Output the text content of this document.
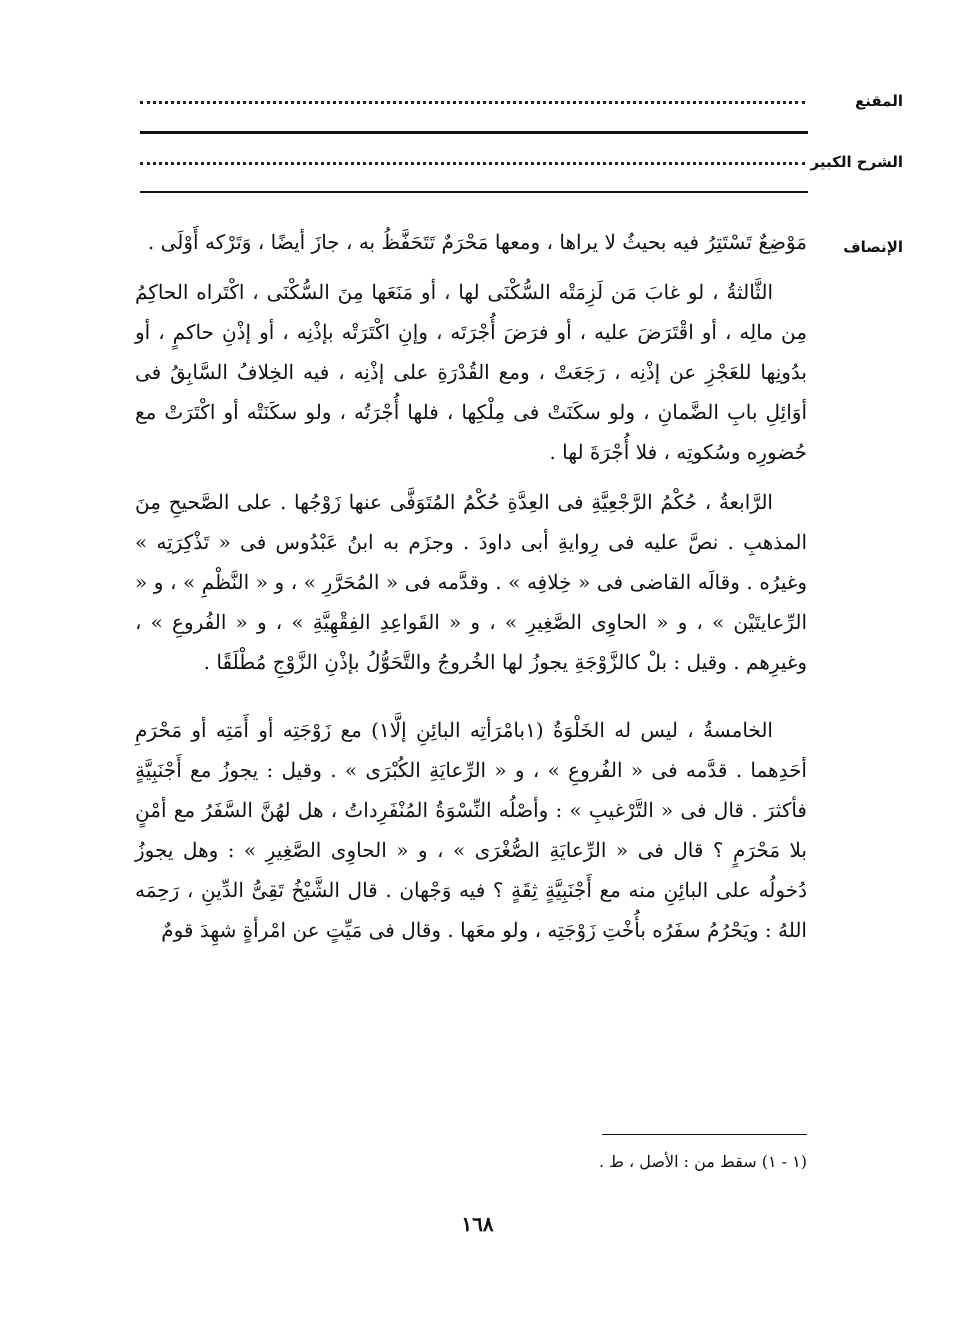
المقنع
الشرح الكبير
الإنصاف

مَوْضِعٌ تَسْتَتِرُ فيه بحيثُ لا يراها ، ومعها مَحْرَمٌ تَتَحَفَّظُ به ، جازَ أيضًا ، وَتَرْكه أَوْلَى .

الثَّالثةُ ، لو غابَ مَن لَزِمَتْه السُّكْنَى لها ، أو مَنَعَها مِنَ السُّكْنَى ، اكْتَراه الحاكِمُ مِن مالِه ، أو اقْتَرَضَ عليه ، أو فرَضَ أُجْرَتَه ، وإنِ اكْتَرَتْه بإذْنِه ، أو إذْنِ حاكمٍ ، أو بدُونِها للعَجْزِ عن إذْنِه ، رَجَعَتْ ، ومع القُدْرَةِ على إذْنِه ، فيه الخِلافُ السَّابِقُ فى أوَائِلِ بابِ الضَّمانِ ، ولو سكَنَتْ فى مِلْكِها ، فلها أُجْرَتُه ، ولو سكَنَتْه أو اكْتَرَتْ مع حُضورِه وسُكوتِه ، فلا أُجْرَةَ لها .

الرَّابعةُ ، حُكْمُ الرَّجْعِيَّةِ فى العِدَّةِ حُكْمُ المُتَوَفَّى عنها زَوْجُها . على الصَّحيحِ مِنَ المذهبِ . نصَّ عليه فى رِوايةِ أبى داودَ . وجزَم به ابنُ عَبْدُوس فى « تَذْكِرَتِه » وغيرُه . وقالَه القاضى فى « خِلافِه » . وقدَّمه فى « المُحَرَّرِ » ، و « النَّظْمِ » ، و « الرِّعايتَيْن » ، و « الحاوِى الصَّغِيرِ » ، و « القَواعِدِ الفِقْهِيَّةِ » ، و « الفُروعِ » ، وغيرِهم . وقيل : بلْ كالزَّوْجَةِ يجوزُ لها الخُروجُ والتَّحَوُّلُ بإذْنِ الزَّوْجِ مُطْلَقًا .

الخامسةُ ، ليس له الخَلْوَةُ (١بامْرَأتِه البائِنِ إلَّا١) مع زَوْجَتِه أو أَمَتِه أو مَحْرَمِ أحَدِهما . قدَّمه فى « الفُروعِ » ، و « الرِّعايَةِ الكُبْرَى » . وقيل : يجوزُ مع أَجْنَبِيَّةٍ فأكثرَ . قال فى « التَّرْغيبِ » : وأصْلُه النِّسْوَةُ المُنْفَرِداتُ ، هل لهُنَّ السَّفَرُ مع أمْنٍ بلا مَحْرَمٍ ؟ قال فى « الرِّعايَةِ الصُّغْرَى » ، و « الحاوِى الصَّغِيرِ » : وهل يجوزُ دُخولُه على البائِنِ منه مع أَجْنَبِيَّةٍ ثِقَةٍ ؟ فيه وَجْهان . قال الشَّيْخُ تَقِىُّ الدِّينِ ، رَحِمَه اللهُ : ويَحْرُمُ سفَرُه بأُخْتِ زَوْجَتِه ، ولو معَها . وقال فى مَيِّتٍ عن امْرأةٍ شهِدَ قومٌ

(١ - ١) سقط من : الأصل ، ط .
١٦٨
